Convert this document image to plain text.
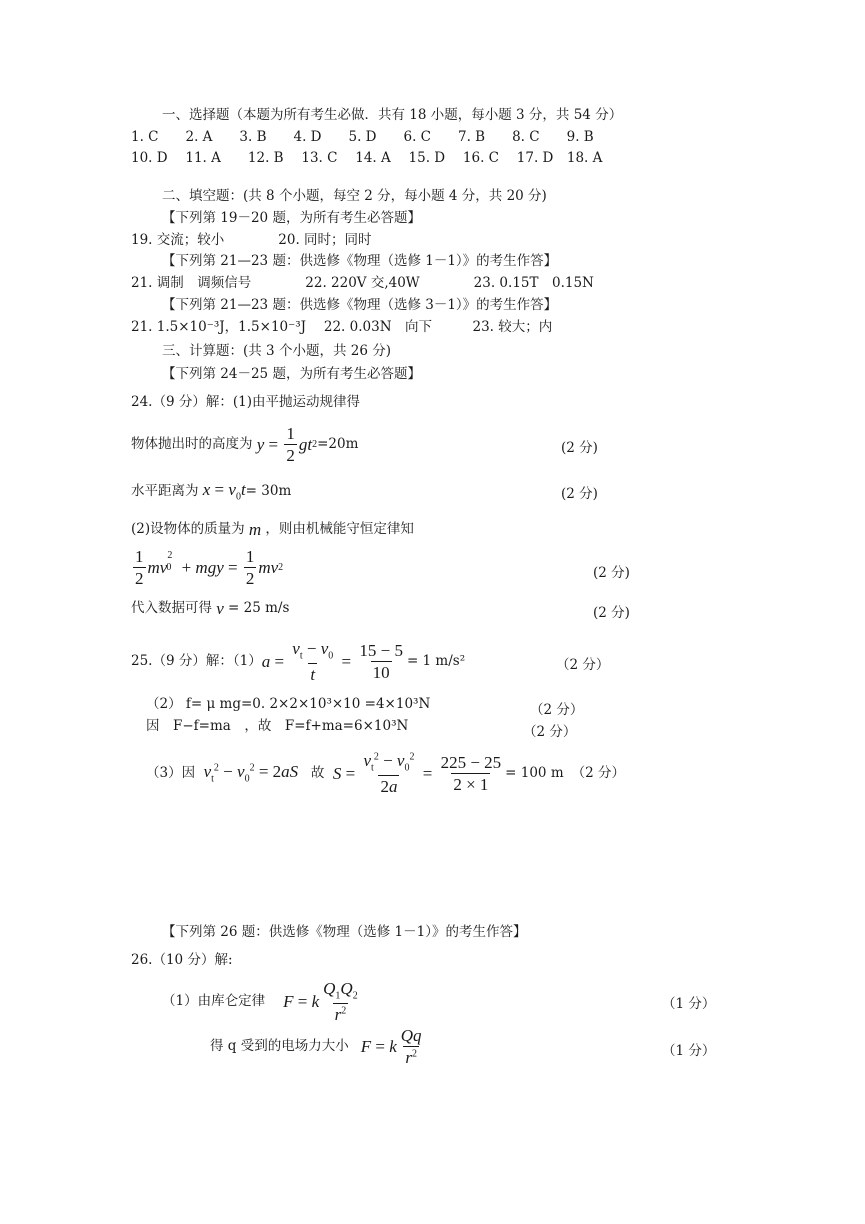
一、选择题（本题为所有考生必做．共有 18 小题，每小题 3 分，共 54 分）
1. C　　2. A　　3. B　　4. D　　5. D　　6. C　　7. B　　8. C　　9. B
10. D　 11. A　　12. B　 13. C　 14. A　 15. D　 16. C　 17. D　18. A
二、填空题：(共 8 个小题，每空 2 分，每小题 4 分，共 20 分)
【下列第 19－20 题，为所有考生必答题】
19. 交流；较小　　　　20. 同时；同时
【下列第 21—23 题：供选修《物理（选修 1－1）》的考生作答】
21. 调制　调频信号　　　　22. 220V 交,40W　　　　23. 0.15T　0.15N
【下列第 21—23 题：供选修《物理（选修 3－1）》的考生作答】
21. 1.5×10⁻³J，1.5×10⁻³J　 22. 0.03N　向下　　　23. 较大；内
三、计算题：(共 3 个小题，共 26 分)
【下列第 24－25 题，为所有考生必答题】
24.（9 分）解：(1)由平抛运动规律得
物体抛出时的高度为 $y = \frac{1}{2}$ gt 2 =20m	(2 分)
水平距离为 $x = v_0t = 30m$	(2 分)
(2)设物体的质量为 m ，则由机械能守恒定律知
$\frac{1}{2}$ mv
20 + mgy = $\frac{1}{2}$ mv 2	(2 分)
代入数据可得 v = 25 m/s	(2 分)
25.（9 分）解：（1） $a = \frac{v_t - v_0}{t} = \frac{15 - 5}{10} = 1$ m/s²	（2 分）
（2） f= μ mg=0. 2×2×10³×10 =4×10³N	（2 分）
因　F−f=ma　，故　F=f+ma=6×10³N	（2 分）
（3）因 $v_t^2 - v_0^2 = 2aS$ 故
$S = \frac{v_t^2 - v_0^2}{2a} = \frac{225 - 25}{2 \times 1} = 100$ m （2 分）
【下列第 26 题：供选修《物理（选修 1－1）》的考生作答】
26.（10 分）解:
（1）由库仑定律 F = k $\frac{Q_1Q_2}{r^2}$	（1 分）
得 q 受到的电场力大小 F = k $\frac{Qq}{r^2}$	（1 分）
